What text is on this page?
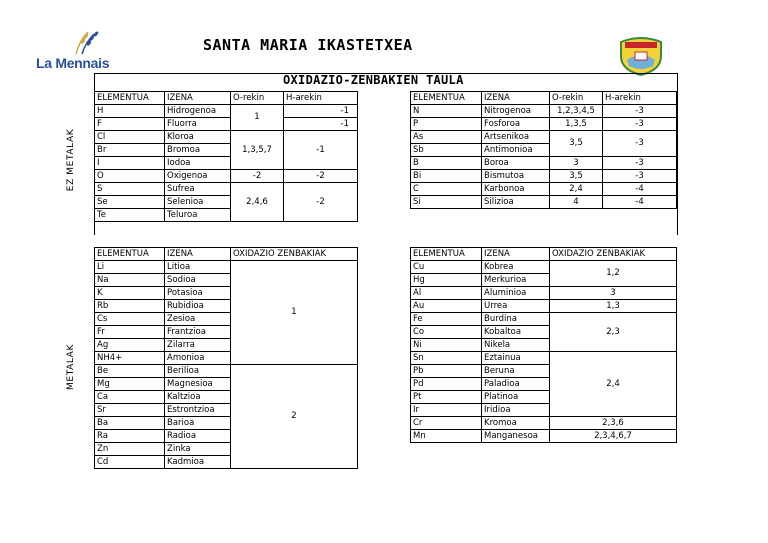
La Mennais
SANTA MARIA IKASTETXEA
EZ METALAK
METALAK
OXIDAZIO-ZENBAKIEN TAULA
ELEMENTUA	IZENA	O-rekin	H-arekin
H	Hidrogenoa	1	-1
F	Fluorra		-1
Cl	Kloroa	1,3,5,7	-1
Br	Bromoa		
I	Iodoa		
O	Oxigenoa	-2	-2
S	Sufrea	2,4,6	-2
Se	Selenioa		
Te	Teluroa		
ELEMENTUA	IZENA	O-rekin	H-arekin
N	Nitrogenoa	1,2,3,4,5	-3
P	Fosforoa	1,3,5	-3
As	Artsenikoa	3,5	-3
Sb	Antimonioa		
B	Boroa	3	-3
Bi	Bismutoa	3,5	-3
C	Karbonoa	2,4	-4
Si	Silizioa	4	-4
ELEMENTUA	IZENA	OXIDAZIO ZENBAKIAK
Li	Litioa	1
Na	Sodioa	
K	Potasioa	
Rb	Rubidioa	
Cs	Zesioa	
Fr	Frantzioa	
Ag	Zilarra	
NH4+	Amonioa	
Be	Berilioa	2
Mg	Magnesioa	
Ca	Kaltzioa	
Sr	Estrontzioa	
Ba	Barioa	
Ra	Radioa	
Zn	Zinka	
Cd	Kadmioa	
ELEMENTUA	IZENA	OXIDAZIO ZENBAKIAK
Cu	Kobrea	1,2
Hg	Merkurioa	
Al	Aluminioa	3
Au	Urrea	1,3
Fe	Burdina	2,3
Co	Kobaltoa	
Ni	Nikela	
Sn	Eztainua	2,4
Pb	Beruna	
Pd	Paladioa	
Pt	Platinoa	
Ir	Iridioa	
Cr	Kromoa	2,3,6
Mn	Manganesoa	2,3,4,6,7
